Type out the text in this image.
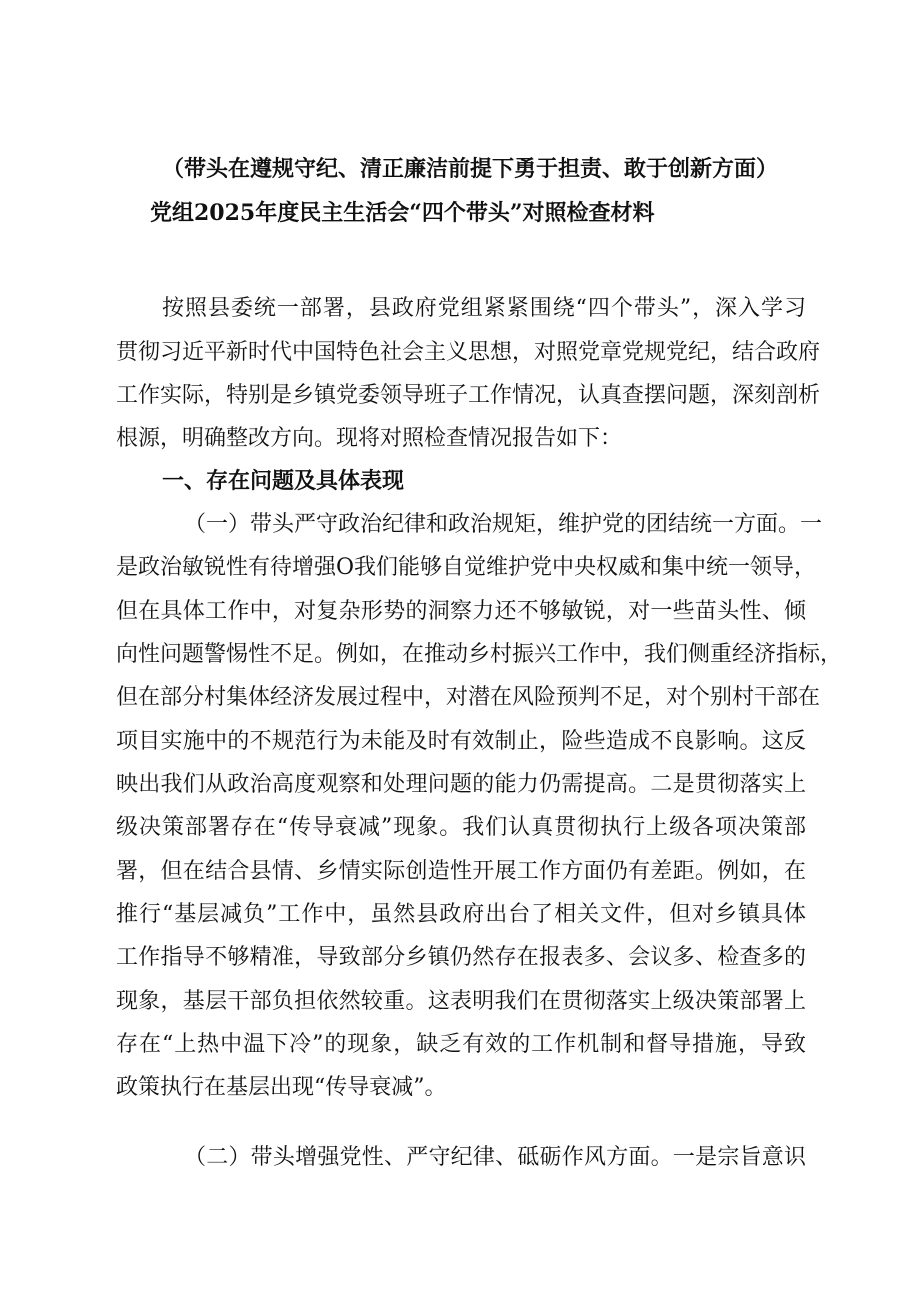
（带头在遵规守纪、清正廉洁前提下勇于担责、敢于创新方面）
党组2025年度民主生活会“四个带头”对照检查材料
按照县委统一部署，县政府党组紧紧围绕“四个带头”，深入学习
贯彻习近平新时代中国特色社会主义思想，对照党章党规党纪，结合政府
工作实际，特别是乡镇党委领导班子工作情况，认真查摆问题，深刻剖析
根源，明确整改方向。现将对照检查情况报告如下：
一、存在问题及具体表现
（一）带头严守政治纪律和政治规矩，维护党的团结统一方面。一
是政治敏锐性有待增强O我们能够自觉维护党中央权威和集中统一领导，
但在具体工作中，对复杂形势的洞察力还不够敏锐，对一些苗头性、倾
向性问题警惕性不足。例如，在推动乡村振兴工作中，我们侧重经济指标，
但在部分村集体经济发展过程中，对潜在风险预判不足，对个别村干部在
项目实施中的不规范行为未能及时有效制止，险些造成不良影响。这反
映出我们从政治高度观察和处理问题的能力仍需提高。二是贯彻落实上
级决策部署存在“传导衰减”现象。我们认真贯彻执行上级各项决策部
署，但在结合县情、乡情实际创造性开展工作方面仍有差距。例如，在
推行“基层减负”工作中，虽然县政府出台了相关文件，但对乡镇具体
工作指导不够精准，导致部分乡镇仍然存在报表多、会议多、检查多的
现象，基层干部负担依然较重。这表明我们在贯彻落实上级决策部署上
存在“上热中温下冷”的现象，缺乏有效的工作机制和督导措施，导致
政策执行在基层出现“传导衰减”。
（二）带头增强党性、严守纪律、砥砺作风方面。一是宗旨意识
